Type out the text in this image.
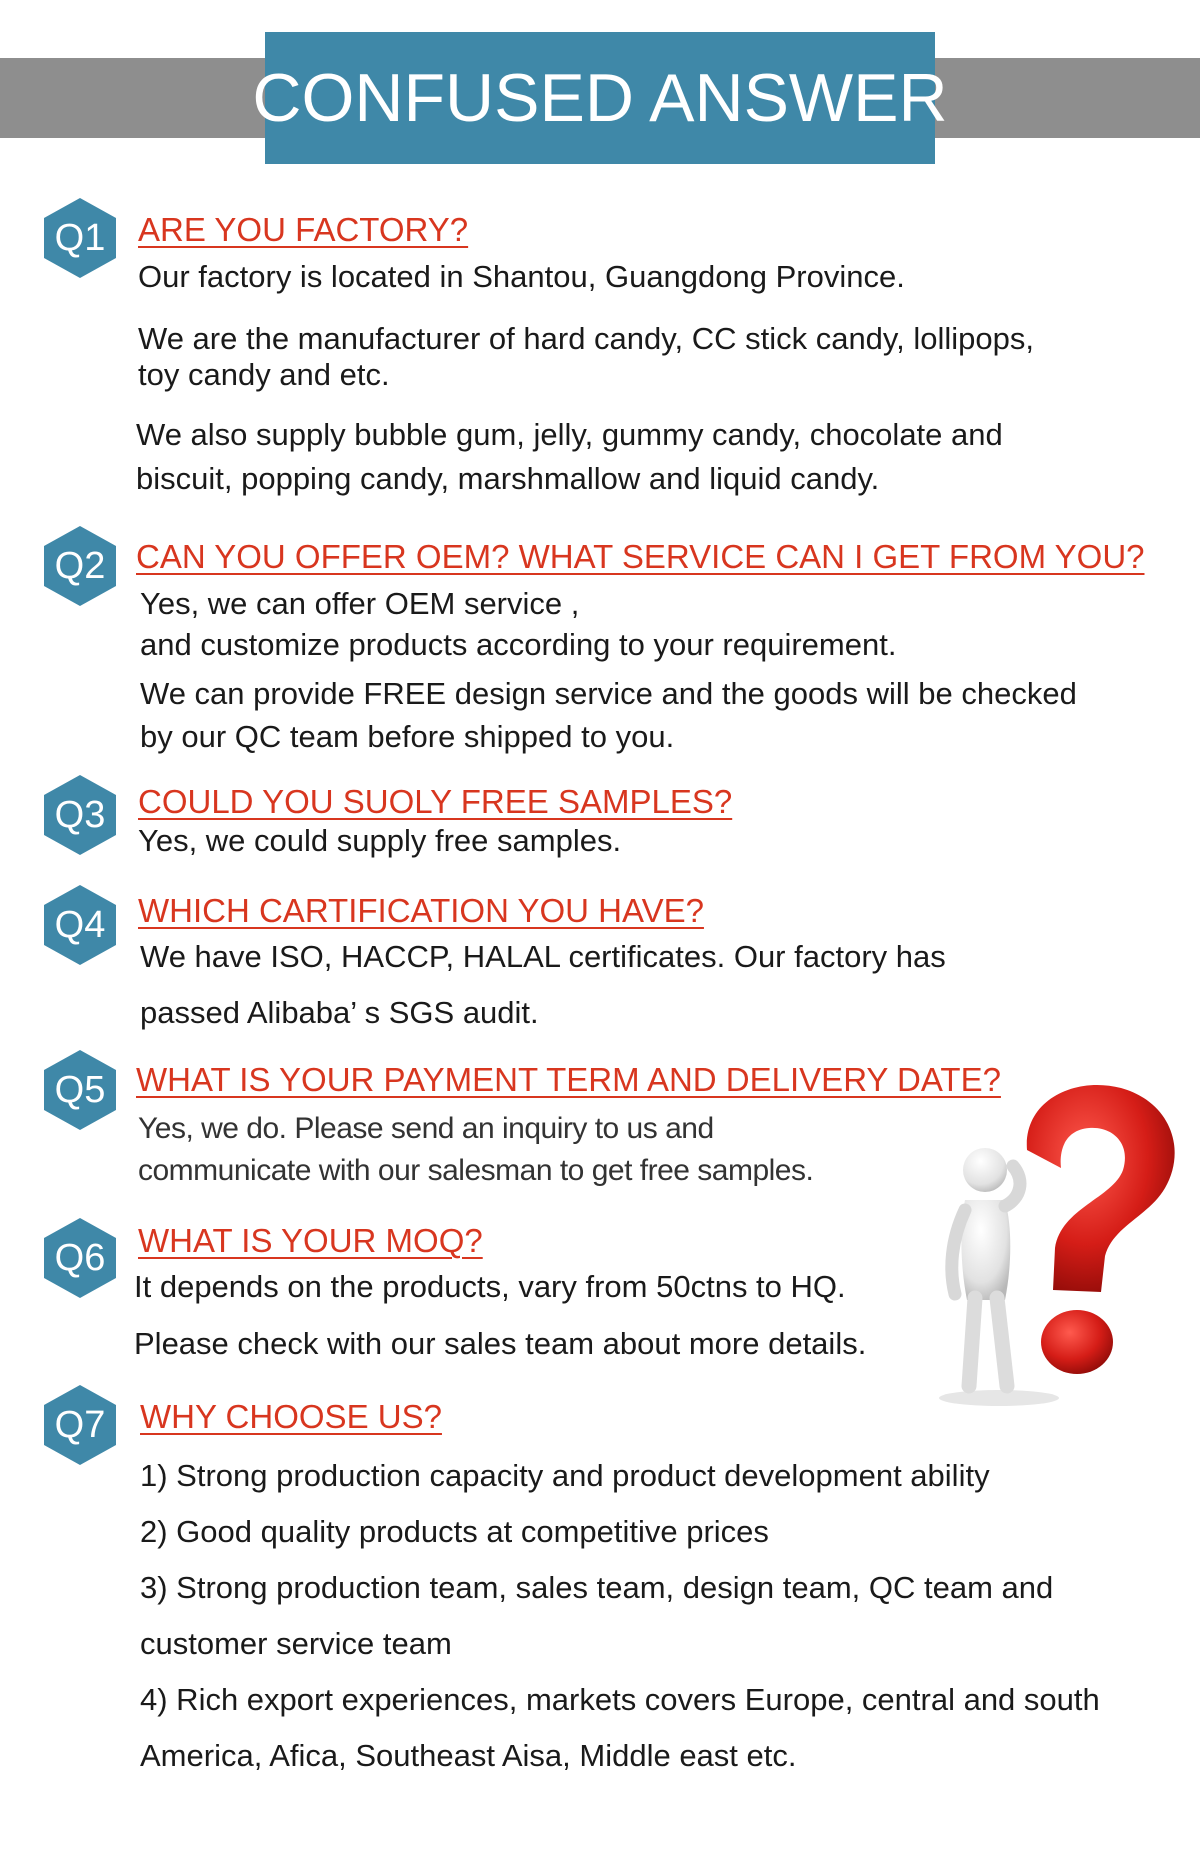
CONFUSED ANSWER
Q1 ARE YOU FACTORY?
Our factory is located in Shantou, Guangdong Province.
We are the manufacturer of hard candy, CC stick candy, lollipops,
toy candy and etc.
We also supply bubble gum, jelly, gummy candy, chocolate and
biscuit, popping candy, marshmallow and liquid candy.
Q2 CAN YOU OFFER OEM? WHAT SERVICE CAN I GET FROM YOU?
Yes, we can offer OEM service ,
and customize products according to your requirement.
We can provide FREE design service and the goods will be checked
by our QC team before shipped to you.
Q3 COULD YOU SUOLY FREE SAMPLES?
Yes, we could supply free samples.
Q4 WHICH CARTIFICATION YOU HAVE?
We have ISO, HACCP, HALAL certificates. Our factory has
passed Alibaba’ s SGS audit.
Q5 WHAT IS YOUR PAYMENT TERM AND DELIVERY DATE?
Yes, we do. Please send an inquiry to us and
communicate with our salesman to get free samples.
Q6 WHAT IS YOUR MOQ?
It depends on the products, vary from 50ctns to HQ.
Please check with our sales team about more details.
Q7	WHY CHOOSE US?
1) Strong production capacity and product development ability
2) Good quality products at competitive prices
3) Strong production team, sales team, design team, QC team and
customer service team
4) Rich export experiences, markets covers Europe, central and south
America, Afica, Southeast Aisa, Middle east etc.
